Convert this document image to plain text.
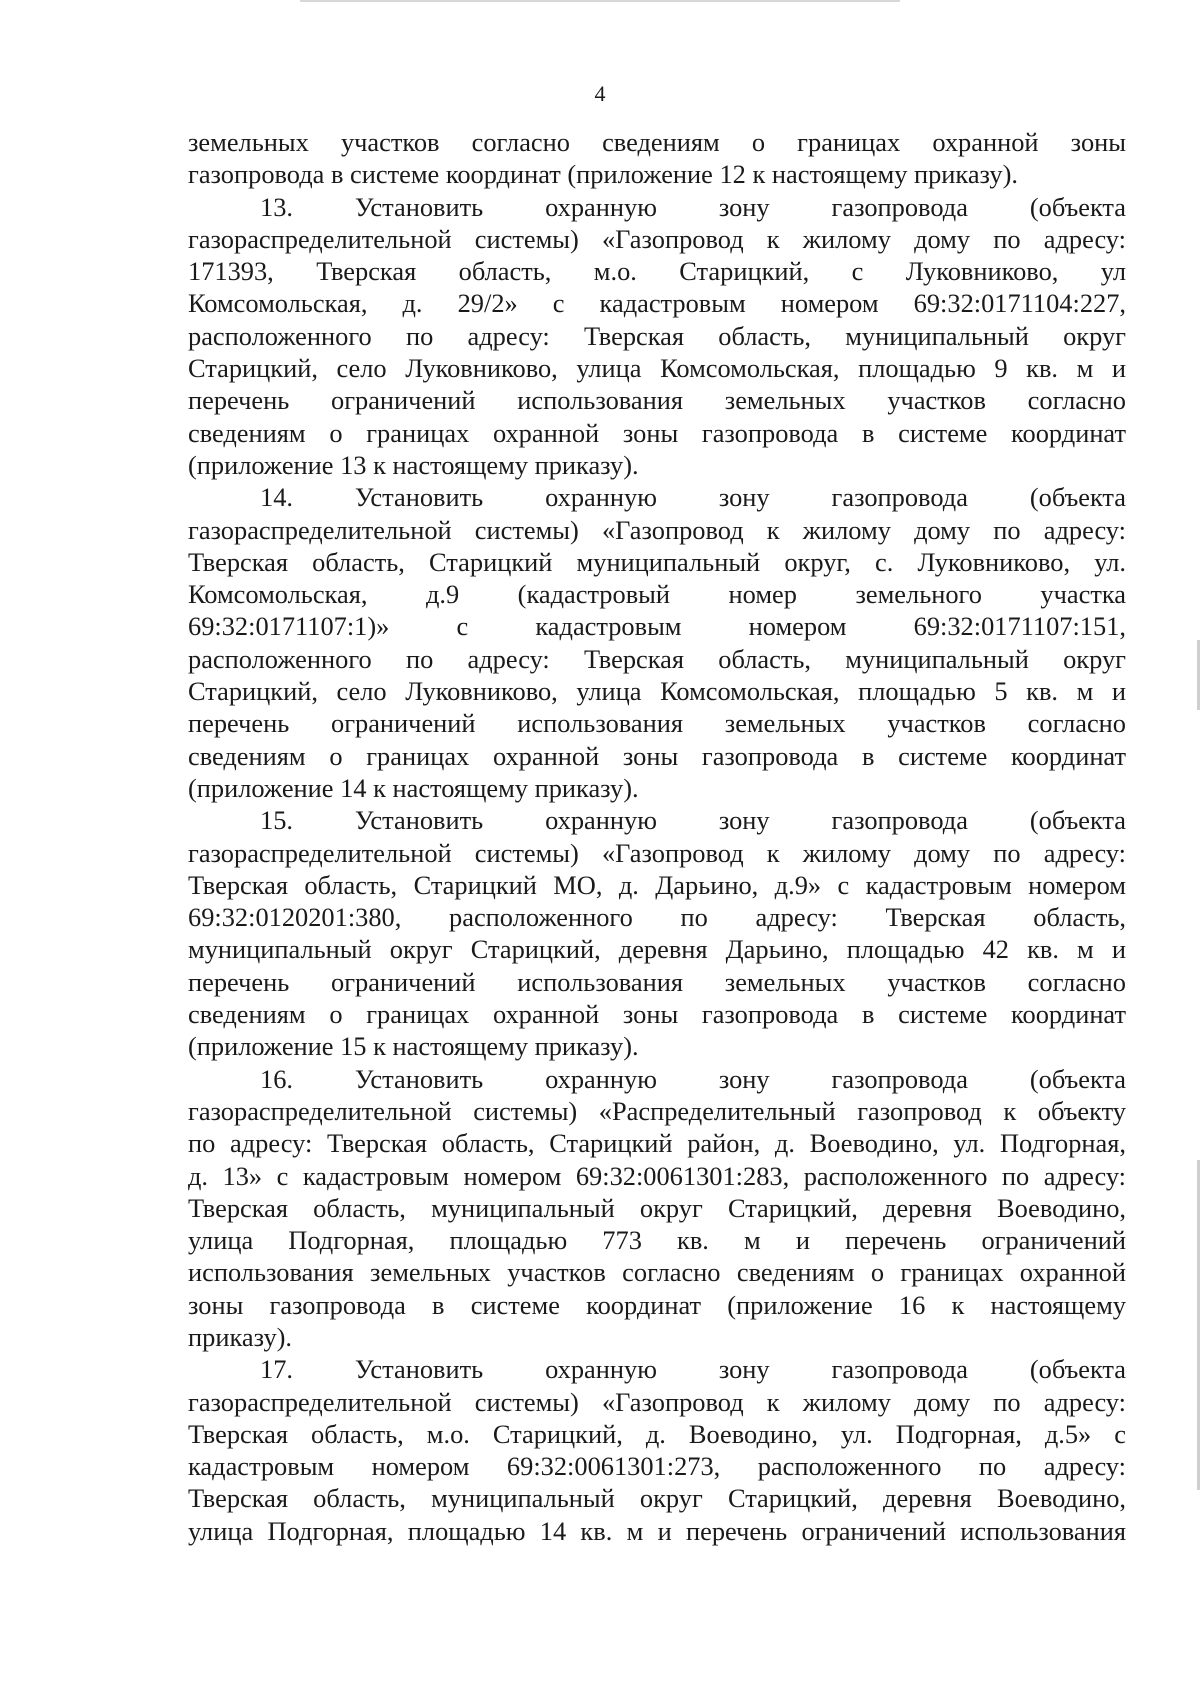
4
земельных участков согласно сведениям о границах охранной зоны
газопровода в системе координат (приложение 12 к настоящему приказу).
13. Установить охранную зону газопровода (объекта
газораспределительной системы) «Газопровод к жилому дому по адресу:
171393, Тверская область, м.о. Старицкий, с Луковниково, ул
Комсомольская, д. 29/2» с кадастровым номером 69:32:0171104:227,
расположенного по адресу: Тверская область, муниципальный округ
Старицкий, село Луковниково, улица Комсомольская, площадью 9 кв. м и
перечень ограничений использования земельных участков согласно
сведениям о границах охранной зоны газопровода в системе координат
(приложение 13 к настоящему приказу).
14. Установить охранную зону газопровода (объекта
газораспределительной системы) «Газопровод к жилому дому по адресу:
Тверская область, Старицкий муниципальный округ, с. Луковниково, ул.
Комсомольская, д.9 (кадастровый номер земельного участка
69:32:0171107:1)» с кадастровым номером 69:32:0171107:151,
расположенного по адресу: Тверская область, муниципальный округ
Старицкий, село Луковниково, улица Комсомольская, площадью 5 кв. м и
перечень ограничений использования земельных участков согласно
сведениям о границах охранной зоны газопровода в системе координат
(приложение 14 к настоящему приказу).
15. Установить охранную зону газопровода (объекта
газораспределительной системы) «Газопровод к жилому дому по адресу:
Тверская область, Старицкий МО, д. Дарьино, д.9» с кадастровым номером
69:32:0120201:380, расположенного по адресу: Тверская область,
муниципальный округ Старицкий, деревня Дарьино, площадью 42 кв. м и
перечень ограничений использования земельных участков согласно
сведениям о границах охранной зоны газопровода в системе координат
(приложение 15 к настоящему приказу).
16. Установить охранную зону газопровода (объекта
газораспределительной системы) «Распределительный газопровод к объекту
по адресу: Тверская область, Старицкий район, д. Воеводино, ул. Подгорная,
д. 13» с кадастровым номером 69:32:0061301:283, расположенного по адресу:
Тверская область, муниципальный округ Старицкий, деревня Воеводино,
улица Подгорная, площадью 773 кв. м и перечень ограничений
использования земельных участков согласно сведениям о границах охранной
зоны газопровода в системе координат (приложение 16 к настоящему
приказу).
17. Установить охранную зону газопровода (объекта
газораспределительной системы) «Газопровод к жилому дому по адресу:
Тверская область, м.о. Старицкий, д. Воеводино, ул. Подгорная, д.5» с
кадастровым номером 69:32:0061301:273, расположенного по адресу:
Тверская область, муниципальный округ Старицкий, деревня Воеводино,
улица Подгорная, площадью 14 кв. м и перечень ограничений использования
